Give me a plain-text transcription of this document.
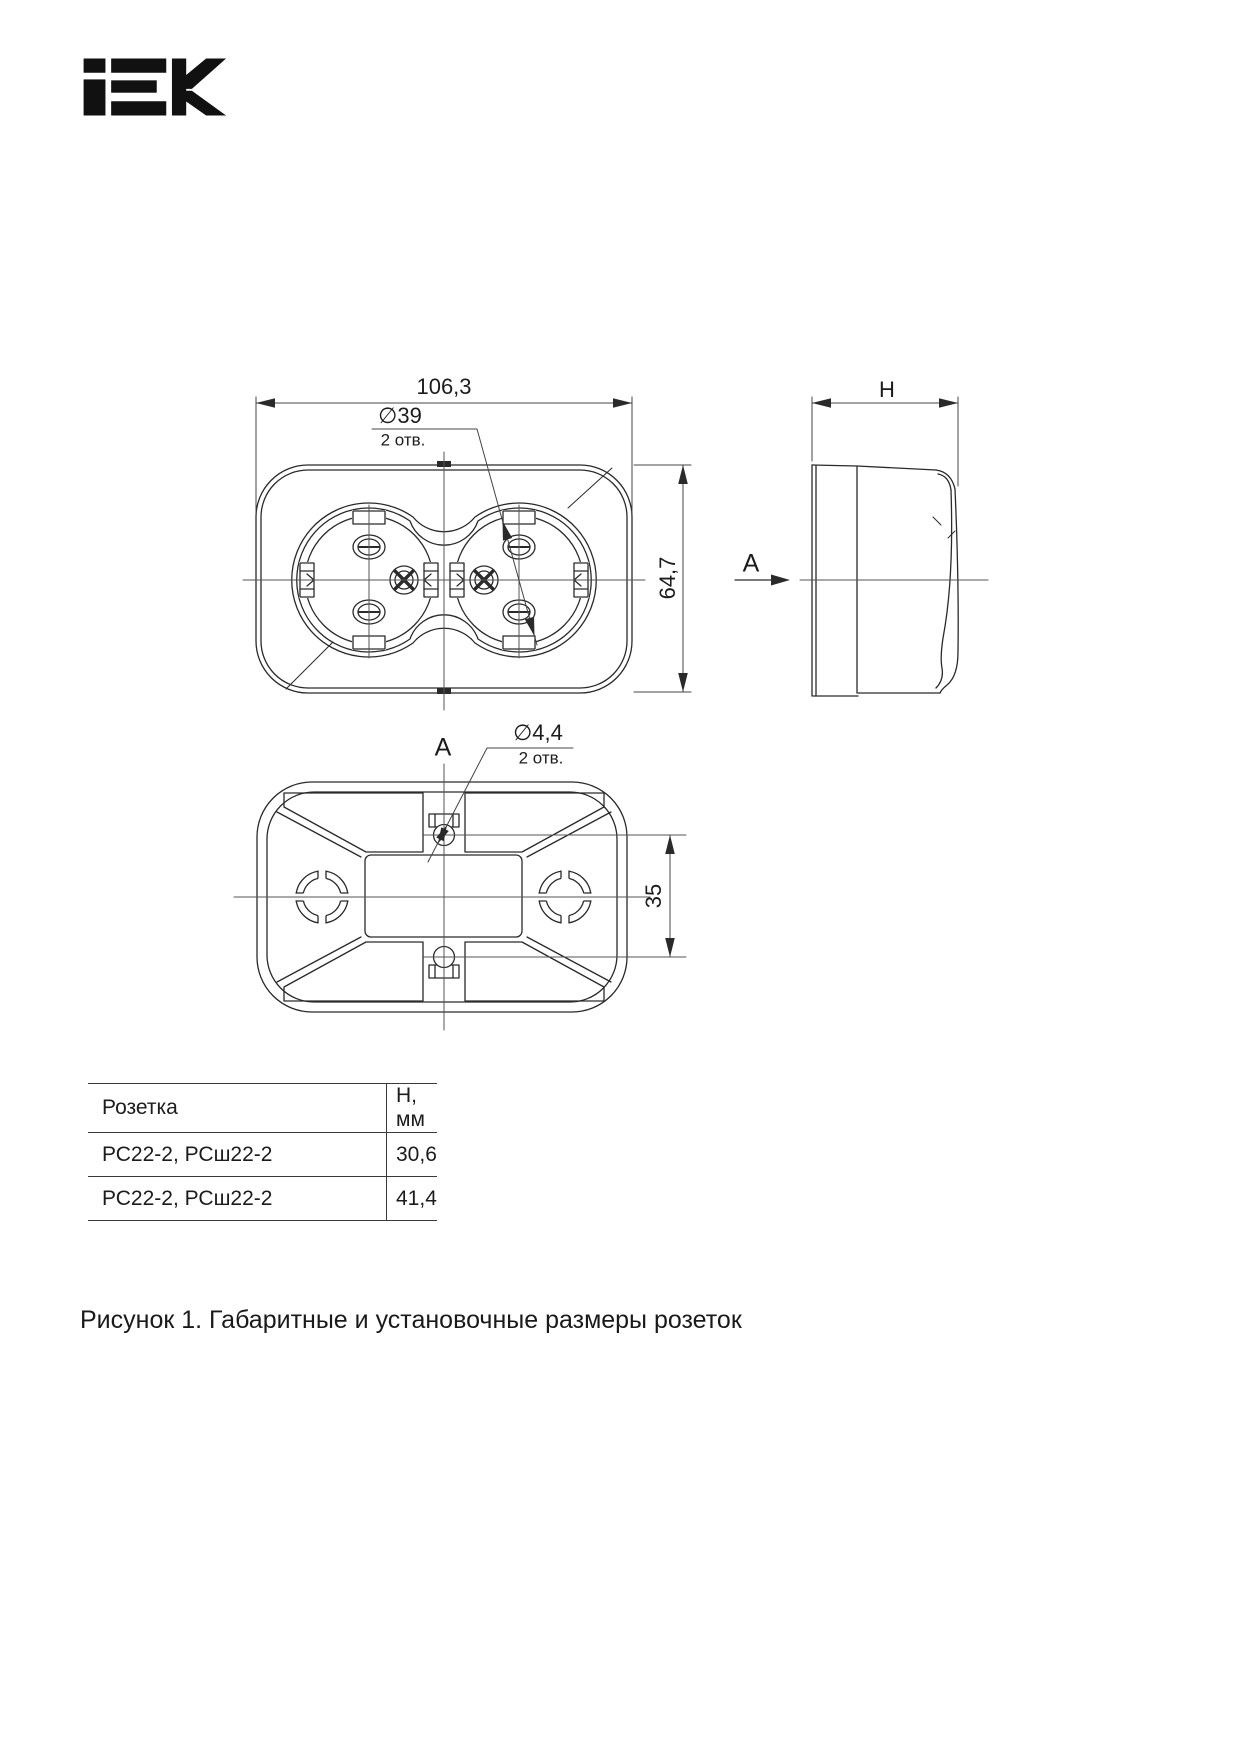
106,3
∅39
2 отв.
64,7	А
H
А
∅4,4
2 отв.
35
Розетка	Н, мм
РС22-2, РСш22-2	30,6
РС22-2, РСш22-2	41,4
Рисунок 1. Габаритные и установочные размеры розеток
